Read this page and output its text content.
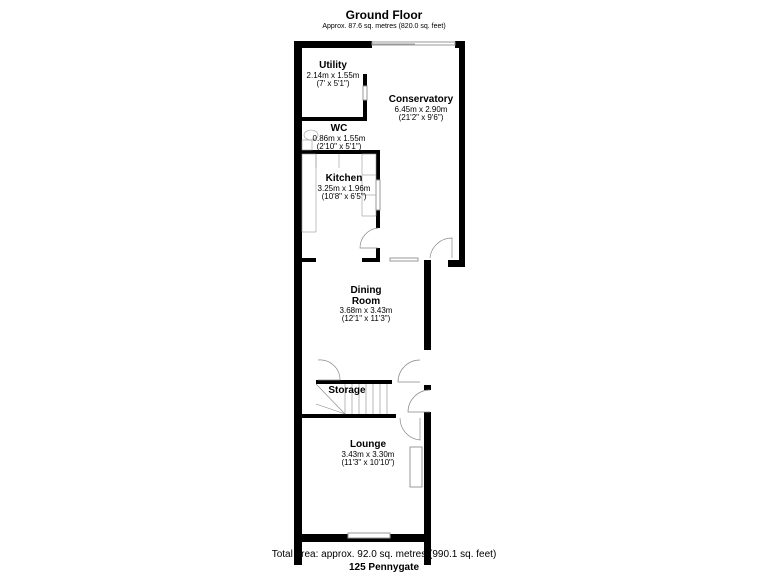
Ground Floor
Approx. 87.6 sq. metres (820.0 sq. feet)
Utility
2.14m x 1.55m
(7' x 5'1")
Conservatory
6.45m x 2.90m
(21'2" x 9'6")
WC
0.86m x 1.55m
(2'10" x 5'1")
Kitchen
3.25m x 1.96m
(10'8" x 6'5")
Dining Room
3.68m x 3.43m
(12'1" x 11'3")
Storage
Lounge
3.43m x 3.30m
(11'3" x 10'10")
Total area: approx. 92.0 sq. metres (990.1 sq. feet)
125 Pennygate
